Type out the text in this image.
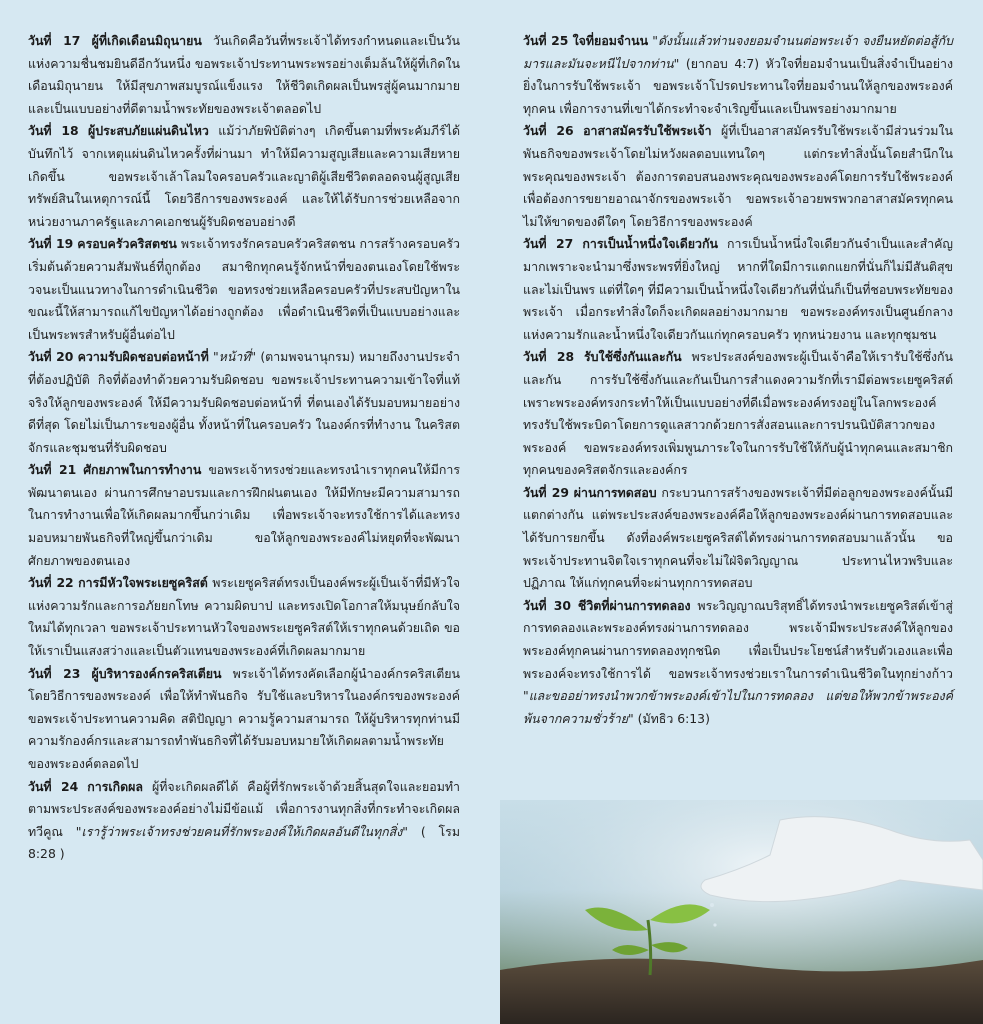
วันที่ 17 ผู้ที่เกิดเดือนมิถุนายน วันเกิดคือวันที่พระเจ้าได้ทรงกำหนดและเป็นวันแห่งความชื่นชมยินดีอีกวันหนึ่ง ขอพระเจ้าประทานพระพรอย่างเต็มล้นให้ผู้ที่เกิดในเดือนมิถุนายน ให้มีสุขภาพสมบูรณ์แข็งแรง ให้ชีวิตเกิดผลเป็นพรสู่ผู้คนมากมายและเป็นแบบอย่างที่ดีตามน้ำพระทัยของพระเจ้าตลอดไป

วันที่ 18 ผู้ประสบภัยแผ่นดินไหว แม้ว่าภัยพิบัติต่างๆ เกิดขึ้นตามที่พระคัมภีร์ได้บันทึกไว้ จากเหตุแผ่นดินไหวครั้งที่ผ่านมา ทำให้มีความสูญเสียและความเสียหายเกิดขึ้น ขอพระเจ้าเล้าโลมใจครอบครัวและญาติผู้เสียชีวิตตลอดจนผู้สูญเสียทรัพย์สินในเหตุการณ์นี้ โดยวิธีการของพระองค์ และให้ได้รับการช่วยเหลือจากหน่วยงานภาครัฐและภาคเอกชนผู้รับผิดชอบอย่างดี

วันที่ 19 ครอบครัวคริสตชน พระเจ้าทรงรักครอบครัวคริสตชน การสร้างครอบครัวเริ่มต้นด้วยความสัมพันธ์ที่ถูกต้อง สมาชิกทุกคนรู้จักหน้าที่ของตนเองโดยใช้พระวจนะเป็นแนวทางในการดำเนินชีวิต ขอทรงช่วยเหลือครอบครัวที่ประสบปัญหาในขณะนี้ให้สามารถแก้ไขปัญหาได้อย่างถูกต้อง เพื่อดำเนินชีวิตที่เป็นแบบอย่างและเป็นพระพรสำหรับผู้อื่นต่อไป

วันที่ 20 ความรับผิดชอบต่อหน้าที่ "หน้าที่" (ตามพจนานุกรม) หมายถึงงานประจำที่ต้องปฏิบัติ กิจที่ต้องทำด้วยความรับผิดชอบ ขอพระเจ้าประทานความเข้าใจที่แท้จริงให้ลูกของพระองค์ ให้มีความรับผิดชอบต่อหน้าที่ ที่ตนเองได้รับมอบหมายอย่างดีที่สุด โดยไม่เป็นภาระของผู้อื่น ทั้งหน้าที่ในครอบครัว ในองค์กรที่ทำงาน ในคริสตจักรและชุมชนที่รับผิดชอบ

วันที่ 21 ศักยภาพในการทำงาน ขอพระเจ้าทรงช่วยและทรงนำเราทุกคนให้มีการพัฒนาตนเอง ผ่านการศึกษาอบรมและการฝึกฝนตนเอง ให้มีทักษะมีความสามารถในการทำงานเพื่อให้เกิดผลมากขึ้นกว่าเดิม เพื่อพระเจ้าจะทรงใช้การได้และทรงมอบหมายพันธกิจที่ใหญ่ขึ้นกว่าเดิม ขอให้ลูกของพระองค์ไม่หยุดที่จะพัฒนาศักยภาพของตนเอง

วันที่ 22 การมีหัวใจพระเยซูคริสต์ พระเยซูคริสต์ทรงเป็นองค์พระผู้เป็นเจ้าที่มีหัวใจแห่งความรักและการอภัยยกโทษ ความผิดบาป และทรงเปิดโอกาสให้มนุษย์กลับใจใหม่ได้ทุกเวลา ขอพระเจ้าประทานหัวใจของพระเยซูคริสต์ให้เราทุกคนด้วยเถิด ขอให้เราเป็นแสงสว่างและเป็นตัวแทนของพระองค์ที่เกิดผลมากมาย

วันที่ 23 ผู้บริหารองค์กรคริสเตียน พระเจ้าได้ทรงคัดเลือกผู้นำองค์กรคริสเตียน โดยวิธีการของพระองค์ เพื่อให้ทำพันธกิจ รับใช้และบริหารในองค์กรของพระองค์ ขอพระเจ้าประทานความคิด สติปัญญา ความรู้ความสามารถ ให้ผู้บริหารทุกท่านมีความรักองค์กรและสามารถทำพันธกิจที่ได้รับมอบหมายให้เกิดผลตามน้ำพระทัยของพระองค์ตลอดไป

วันที่ 24 การเกิดผล ผู้ที่จะเกิดผลดีได้ คือผู้ที่รักพระเจ้าด้วยสิ้นสุดใจและยอมทำตามพระประสงค์ของพระองค์อย่างไม่มีข้อแม้ เพื่อการงานทุกสิ่งที่กระทำจะเกิดผลทวีคูณ "เรารู้ว่าพระเจ้าทรงช่วยคนที่รักพระองค์ให้เกิดผลอันดีในทุกสิ่ง" ( โรม 8:28 )

วันที่ 25 ใจที่ยอมจำนน "ดังนั้นแล้วท่านจงยอมจำนนต่อพระเจ้า จงยืนหยัดต่อสู้กับมารและมันจะหนีไปจากท่าน" (ยากอบ 4:7) หัวใจที่ยอมจำนนเป็นสิ่งจำเป็นอย่างยิ่งในการรับใช้พระเจ้า ขอพระเจ้าโปรดประทานใจที่ยอมจำนนให้ลูกของพระองค์ทุกคน เพื่อการงานที่เขาได้กระทำจะจำเริญขึ้นและเป็นพรอย่างมากมาย

วันที่ 26 อาสาสมัครรับใช้พระเจ้า ผู้ที่เป็นอาสาสมัครรับใช้พระเจ้ามีส่วนร่วมในพันธกิจของพระเจ้าโดยไม่หวังผลตอบแทนใดๆ แต่กระทำสิ่งนั้นโดยสำนึกในพระคุณของพระเจ้า ต้องการตอบสนองพระคุณของพระองค์โดยการรับใช้พระองค์ เพื่อต้องการขยายอาณาจักรของพระเจ้า ขอพระเจ้าอวยพรพวกอาสาสมัครทุกคนไม่ให้ขาดของดีใดๆ โดยวิธีการของพระองค์

วันที่ 27 การเป็นน้ำหนึ่งใจเดียวกัน การเป็นน้ำหนึ่งใจเดียวกันจำเป็นและสำคัญมากเพราะจะนำมาซึ่งพระพรที่ยิ่งใหญ่ หากที่ใดมีการแตกแยกที่นั่นก็ไม่มีสันติสุขและไม่เป็นพร แต่ที่ใดๆ ที่มีความเป็นน้ำหนึ่งใจเดียวกันที่นั่นก็เป็นที่ชอบพระทัยของพระเจ้า เมื่อกระทำสิ่งใดก็จะเกิดผลอย่างมากมาย ขอพระองค์ทรงเป็นศูนย์กลางแห่งความรักและน้ำหนึ่งใจเดียวกันแก่ทุกครอบครัว ทุกหน่วยงาน และทุกชุมชน

วันที่ 28 รับใช้ซึ่งกันและกัน พระประสงค์ของพระผู้เป็นเจ้าคือให้เรารับใช้ซึ่งกันและกัน การรับใช้ซึ่งกันและกันเป็นการสำแดงความรักที่เรามีต่อพระเยซูคริสต์ เพราะพระองค์ทรงกระทำให้เป็นแบบอย่างที่ดีเมื่อพระองค์ทรงอยู่ในโลกพระองค์ทรงรับใช้พระบิดาโดยการดูแลสาวกด้วยการสั่งสอนและการปรนนิบัติสาวกของพระองค์ ขอพระองค์ทรงเพิ่มพูนภาระใจในการรับใช้ให้กับผู้นำทุกคนและสมาชิกทุกคนของคริสตจักรและองค์กร

วันที่ 29 ผ่านการทดสอบ กระบวนการสร้างของพระเจ้าที่มีต่อลูกของพระองค์นั้นมีแตกต่างกัน แต่พระประสงค์ของพระองค์คือให้ลูกของพระองค์ผ่านการทดสอบและได้รับการยกขึ้น ดังที่องค์พระเยซูคริสต์ได้ทรงผ่านการทดสอบมาแล้วนั้น ขอพระเจ้าประทานจิตใจเราทุกคนที่จะไม่ใฝ่จิตวิญญาณ ประทานไหวพริบและปฏิภาณ ให้แก่ทุกคนที่จะผ่านทุกการทดสอบ

วันที่ 30 ชีวิตที่ผ่านการทดลอง พระวิญญาณบริสุทธิ์ได้ทรงนำพระเยซูคริสต์เข้าสู่การทดลองและพระองค์ทรงผ่านการทดลอง พระเจ้ามีพระประสงค์ให้ลูกของพระองค์ทุกคนผ่านการทดลองทุกชนิด เพื่อเป็นประโยชน์สำหรับตัวเองและเพื่อพระองค์จะทรงใช้การได้ ขอพระเจ้าทรงช่วยเราในการดำเนินชีวิตในทุกย่างก้าว "และขออย่าทรงนำพวกข้าพระองค์เข้าไปในการทดลอง แต่ขอให้พวกข้าพระองค์พ้นจากความชั่วร้าย" (มัทธิว 6:13)
